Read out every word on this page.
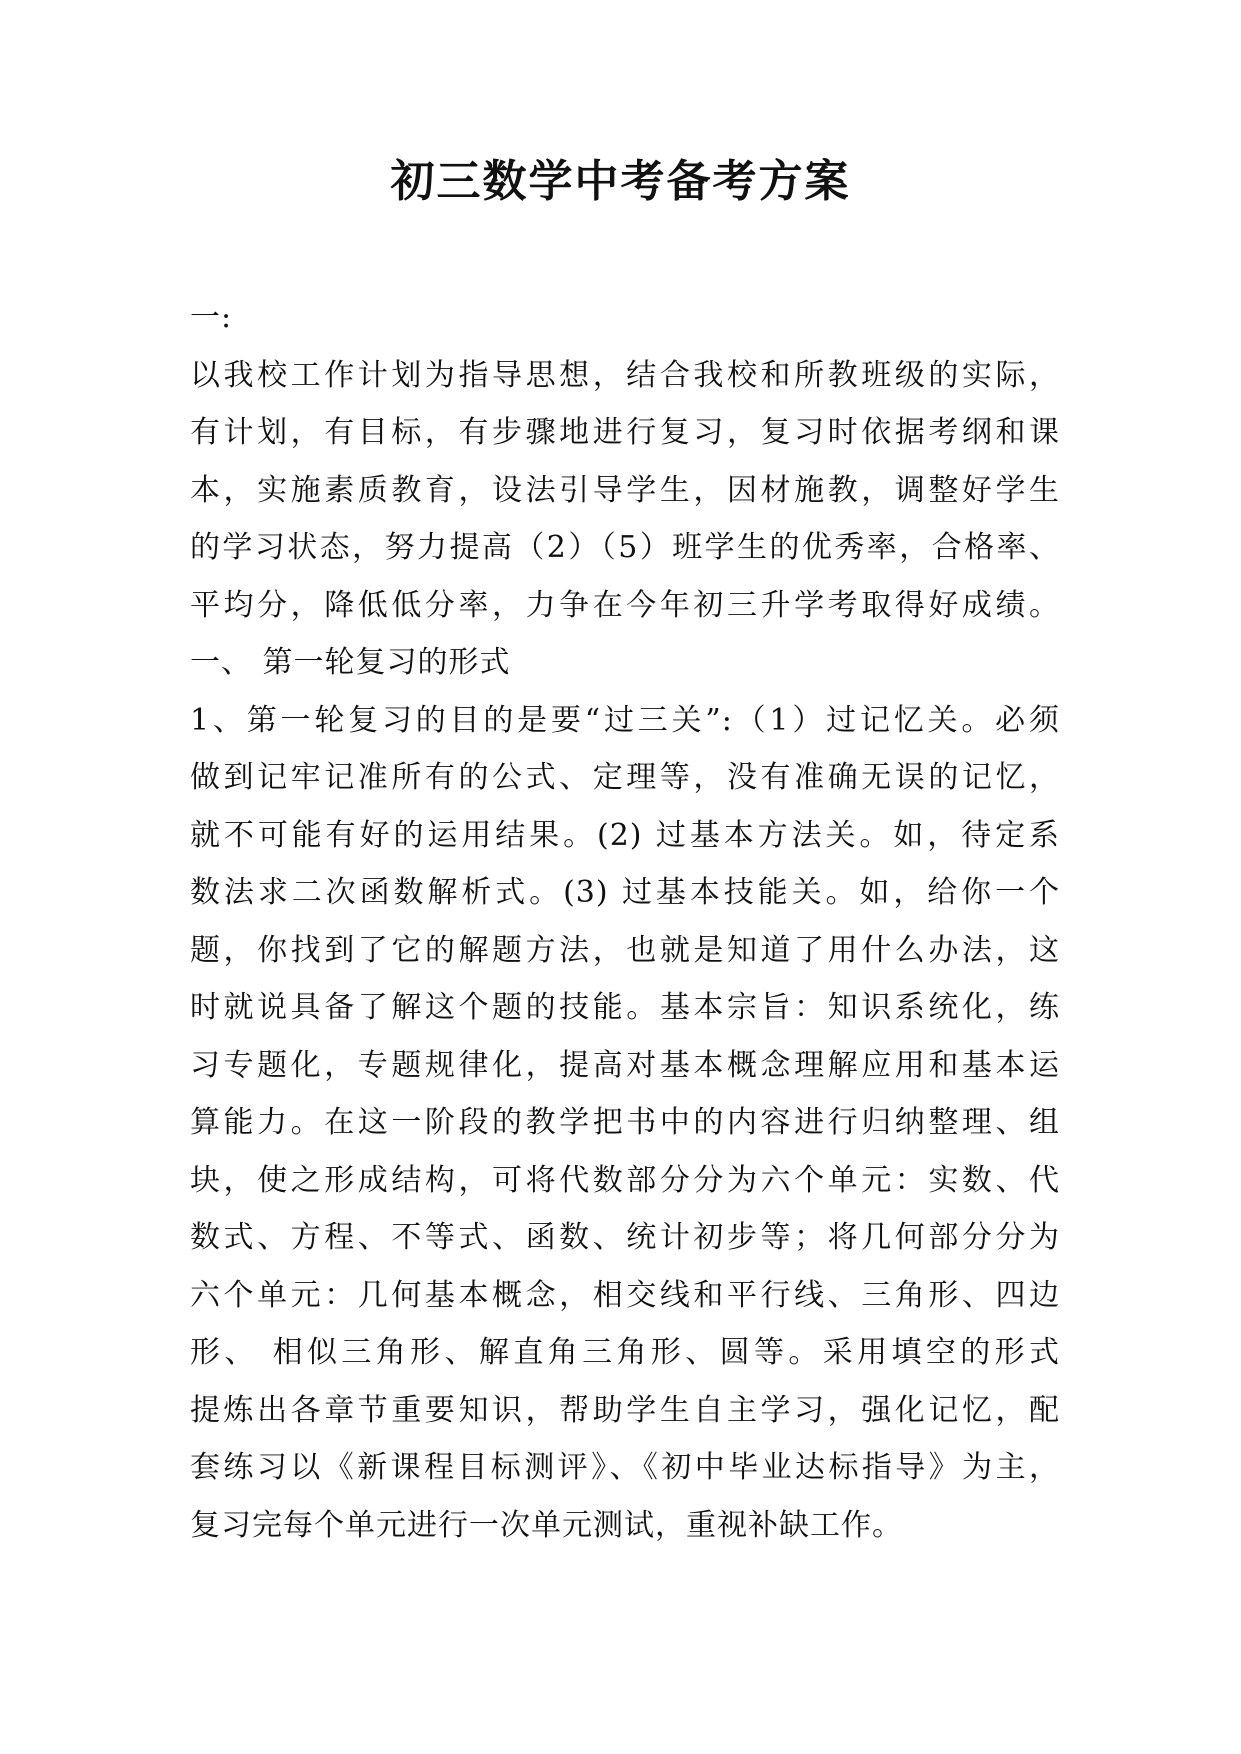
初三数学中考备考方案
一:
以我校工作计划为指导思想，结合我校和所教班级的实际，
有计划，有目标，有步骤地进行复习，复习时依据考纲和课
本，实施素质教育，设法引导学生，因材施教，调整好学生
的学习状态，努力提高（2）（5）班学生的优秀率，合格率、
平均分，降低低分率，力争在今年初三升学考取得好成绩。
一、 第一轮复习的形式
1、第一轮复习的目的是要“过三关”:（1）过记忆关。必须
做到记牢记准所有的公式、定理等，没有准确无误的记忆，
就不可能有好的运用结果。(2) 过基本方法关。如，待定系
数法求二次函数解析式。(3) 过基本技能关。如，给你一个
题，你找到了它的解题方法，也就是知道了用什么办法，这
时就说具备了解这个题的技能。基本宗旨：知识系统化，练
习专题化，专题规律化，提高对基本概念理解应用和基本运
算能力。在这一阶段的教学把书中的内容进行归纳整理、组
块，使之形成结构，可将代数部分分为六个单元：实数、代
数式、方程、不等式、函数、统计初步等；将几何部分分为
六个单元：几何基本概念，相交线和平行线、三角形、四边
形、 相似三角形、解直角三角形、圆等。采用填空的形式
提炼出各章节重要知识，帮助学生自主学习，强化记忆，配
套练习以《新课程目标测评》、《初中毕业达标指导》为主，
复习完每个单元进行一次单元测试，重视补缺工作。
